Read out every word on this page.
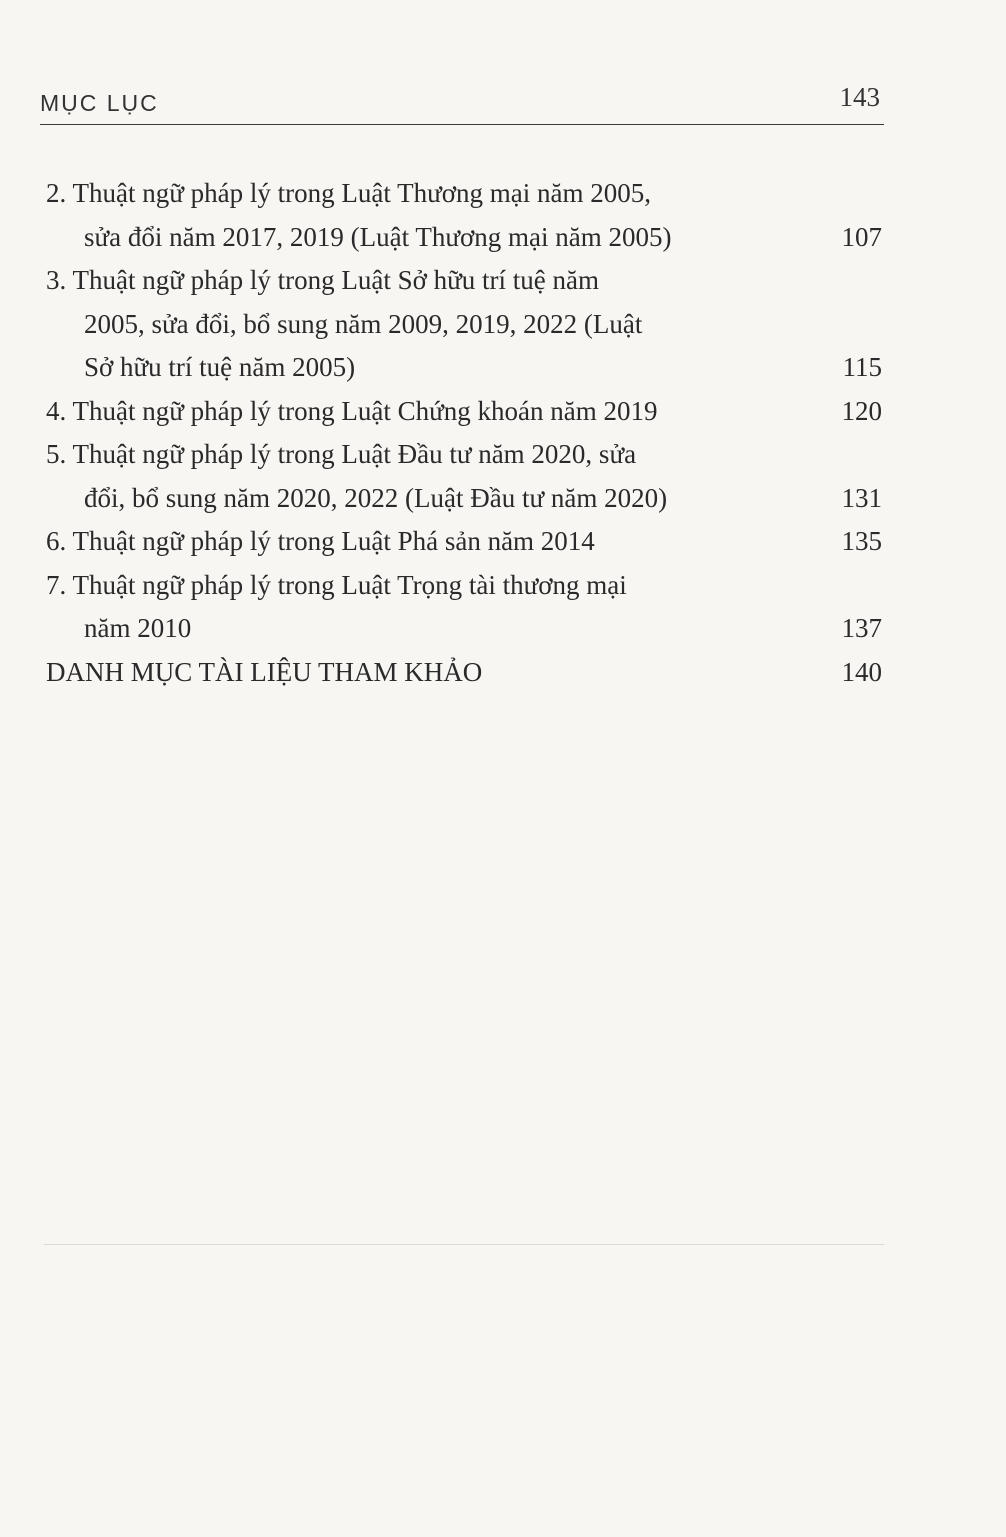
MỤC LỤC	143
2. Thuật ngữ pháp lý trong Luật Thương mại năm 2005,
sửa đổi năm 2017, 2019 (Luật Thương mại năm 2005)	107
3. Thuật ngữ pháp lý trong Luật Sở hữu trí tuệ năm
2005, sửa đổi, bổ sung năm 2009, 2019, 2022 (Luật
Sở hữu trí tuệ năm 2005)	115
4. Thuật ngữ pháp lý trong Luật Chứng khoán năm 2019	120
5. Thuật ngữ pháp lý trong Luật Đầu tư năm 2020, sửa
đổi, bổ sung năm 2020, 2022 (Luật Đầu tư năm 2020)	131
6. Thuật ngữ pháp lý trong Luật Phá sản năm 2014	135
7. Thuật ngữ pháp lý trong Luật Trọng tài thương mại
năm 2010	137
DANH MỤC TÀI LIỆU THAM KHẢO	140
